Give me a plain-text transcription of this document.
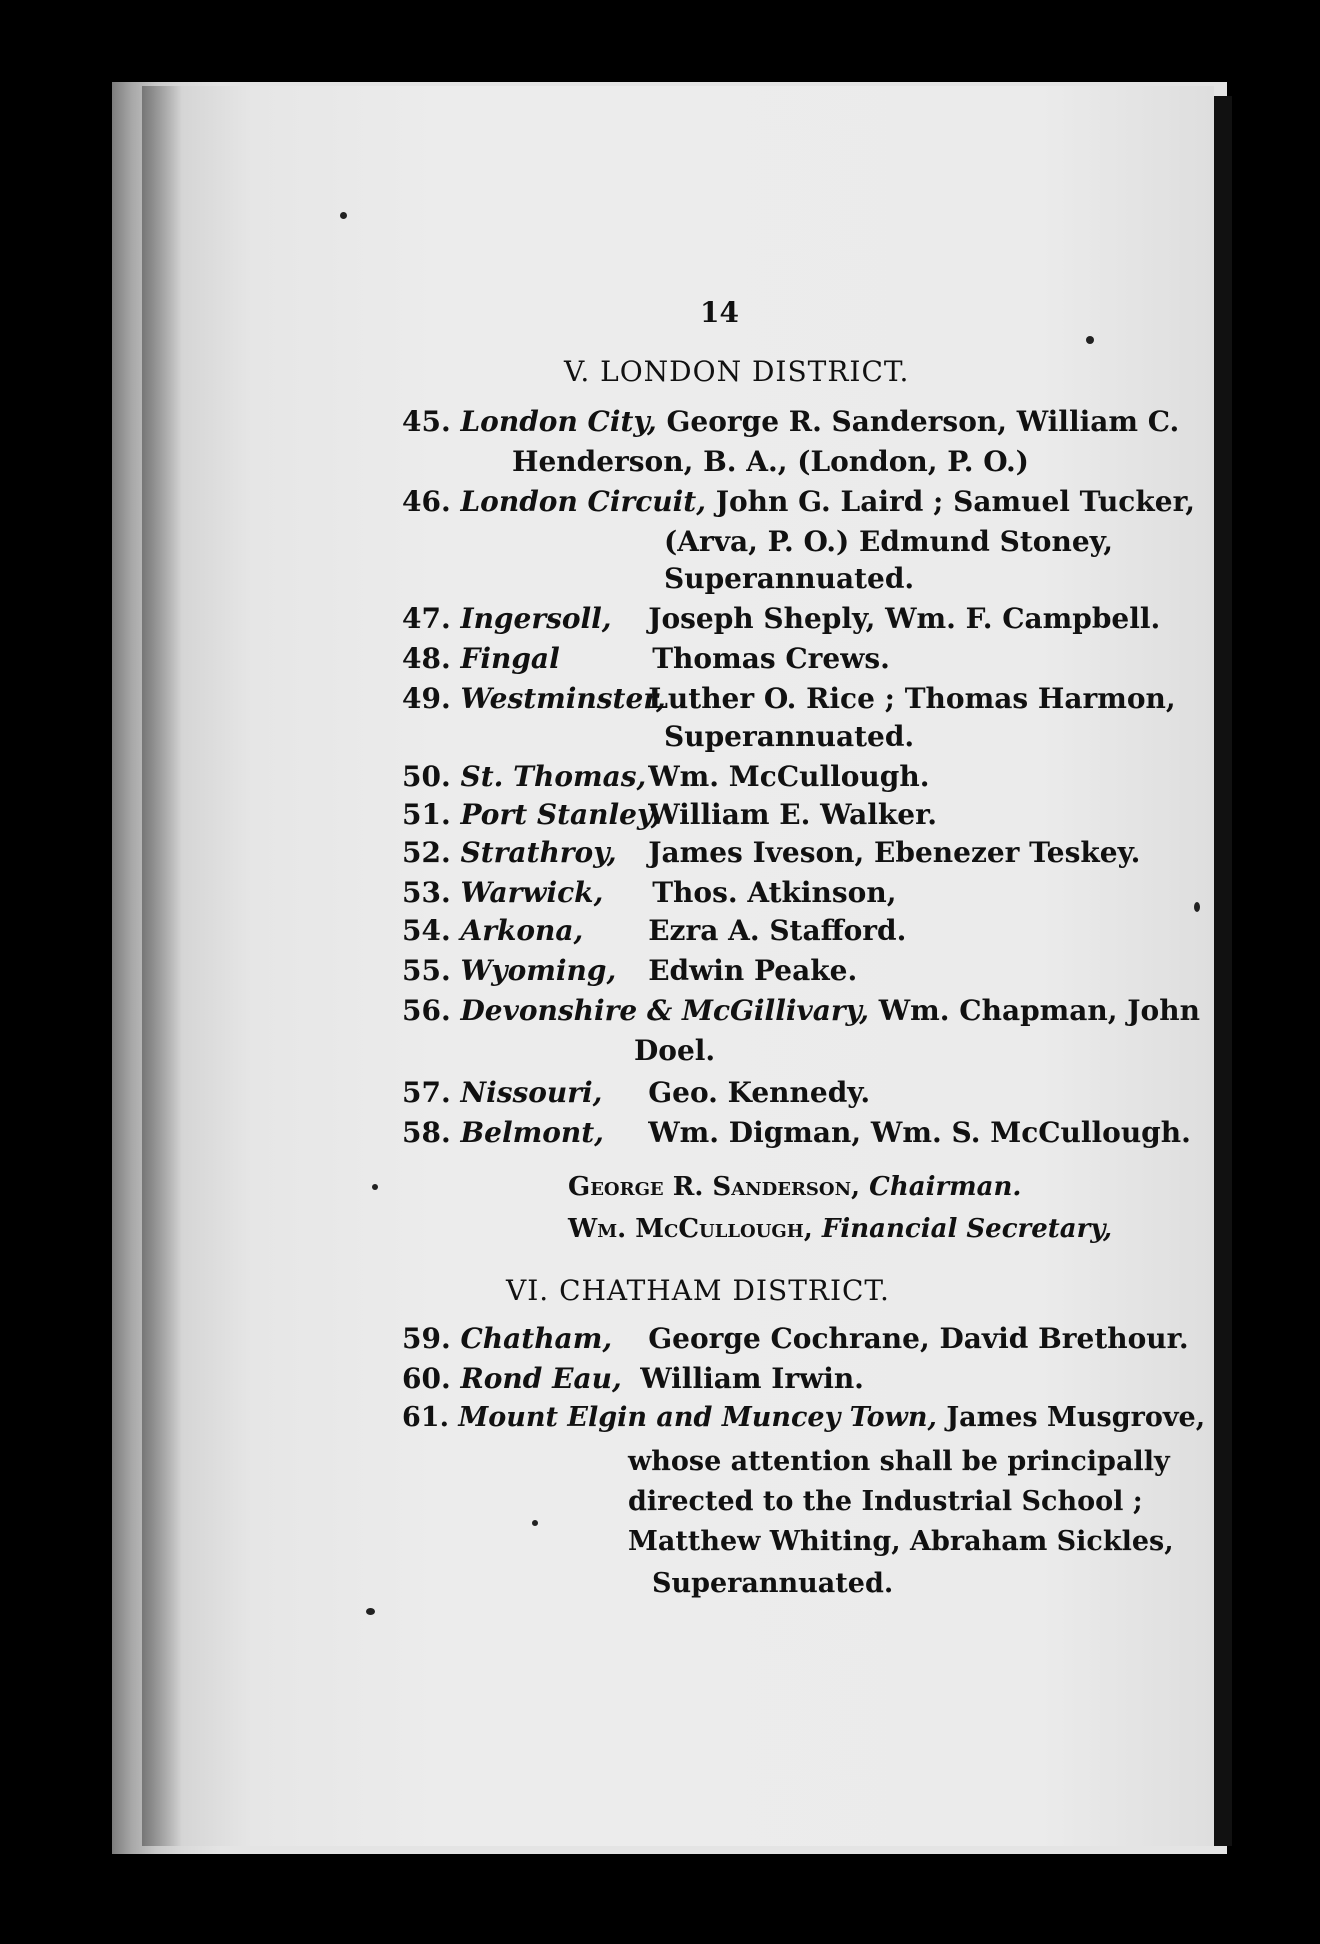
14
V. LONDON DISTRICT.
45. London City, George R. Sanderson, William C.
Henderson, B. A., (London, P. O.)
46. London Circuit, John G. Laird ; Samuel Tucker,
(Arva, P. O.) Edmund Stoney,
Superannuated.
47. Ingersoll, Joseph Sheply, Wm. F. Campbell.
48. Fingal	Thomas Crews.
49. Westminster, Luther O. Rice ; Thomas Harmon,
Superannuated.
50. St. Thomas, Wm. McCullough.
51. Port Stanley, William E. Walker.
52. Strathroy, James Iveson, Ebenezer Teskey.
53. Warwick, Thos. Atkinson,
54. Arkona, Ezra A. Stafford.
55. Wyoming, Edwin Peake.
56. Devonshire & McGillivary, Wm. Chapman, John
Doel.
57. Nissouri, Geo. Kennedy.
58. Belmont, Wm. Digman, Wm. S. McCullough.
George R. Sanderson, Chairman.
Wm. McCullough, Financial Secretary,
VI. CHATHAM DISTRICT.
59. Chatham, George Cochrane, David Brethour.
60. Rond Eau, William Irwin.
61. Mount Elgin and Muncey Town, James Musgrove,
whose attention shall be principally
directed to the Industrial School ;
Matthew Whiting, Abraham Sickles,
Superannuated.
